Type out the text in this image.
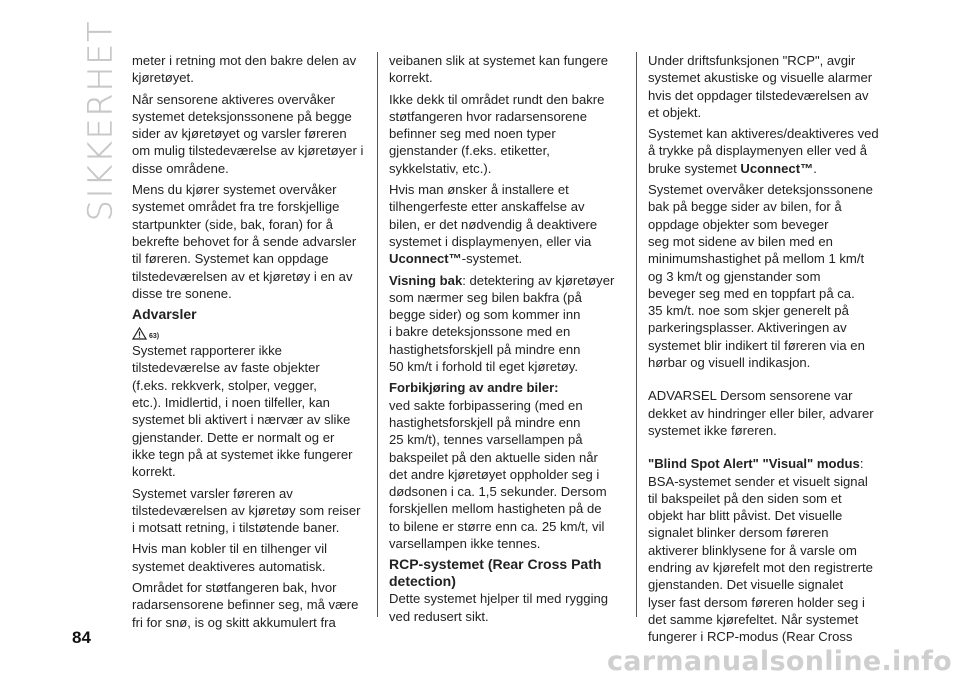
SIKKERHET meter i retning mot den bakre delen av
kjøretøyet.

Når sensorene aktiveres overvåker
systemet deteksjonssonene på begge
sider av kjøretøyet og varsler føreren
om mulig tilstedeværelse av kjøretøyer i
disse områdene.

Mens du kjører systemet overvåker
systemet området fra tre forskjellige
startpunkter (side, bak, foran) for å
bekrefte behovet for å sende advarsler
til føreren. Systemet kan oppdage
tilstedeværelsen av et kjøretøy i en av
disse tre sonene.

Advarsler
63)

Systemet rapporterer ikke
tilstedeværelse av faste objekter
(f.eks. rekkverk, stolper, vegger,
etc.). Imidlertid, i noen tilfeller, kan
systemet bli aktivert i nærvær av slike
gjenstander. Dette er normalt og er
ikke tegn på at systemet ikke fungerer
korrekt.

Systemet varsler føreren av
tilstedeværelsen av kjøretøy som reiser
i motsatt retning, i tilstøtende baner.

Hvis man kobler til en tilhenger vil
systemet deaktiveres automatisk.

Området for støtfangeren bak, hvor
radarsensorene befinner seg, må være
fri for snø, is og skitt akkumulert fra

veibanen slik at systemet kan fungere
korrekt.

Ikke dekk til området rundt den bakre
støtfangeren hvor radarsensorene
befinner seg med noen typer
gjenstander (f.eks. etiketter,
sykkelstativ, etc.).

Hvis man ønsker å installere et
tilhengerfeste etter anskaffelse av
bilen, er det nødvendig å deaktivere
systemet i displaymenyen, eller via
Uconnect™-systemet.

Visning bak: detektering av kjøretøyer
som nærmer seg bilen bakfra (på
begge sider) og som kommer inn
i bakre deteksjonssone med en
hastighetsforskjell på mindre enn
50 km/t i forhold til eget kjøretøy.

Forbikjøring av andre biler:
ved sakte forbipassering (med en
hastighetsforskjell på mindre enn
25 km/t), tennes varsellampen på
bakspeilet på den aktuelle siden når
det andre kjøretøyet oppholder seg i
dødsonen i ca. 1,5 sekunder. Dersom
forskjellen mellom hastigheten på de
to bilene er større enn ca. 25 km/t, vil
varsellampen ikke tennes.

RCP-systemet (Rear Cross Path
detection)

Dette systemet hjelper til med rygging
ved redusert sikt.

Under driftsfunksjonen "RCP", avgir
systemet akustiske og visuelle alarmer
hvis det oppdager tilstedeværelsen av
et objekt.

Systemet kan aktiveres/deaktiveres ved
å trykke på displaymenyen eller ved å
bruke systemet Uconnect™.

Systemet overvåker deteksjonssonene
bak på begge sider av bilen, for å
oppdage objekter som beveger
seg mot sidene av bilen med en
minimumshastighet på mellom 1 km/t
og 3 km/t og gjenstander som
beveger seg med en toppfart på ca.
35 km/t. noe som skjer generelt på
parkeringsplasser. Aktiveringen av
systemet blir indikert til føreren via en
hørbar og visuell indikasjon.

ADVARSEL Dersom sensorene var
dekket av hindringer eller biler, advarer
systemet ikke føreren.

"Blind Spot Alert" "Visual" modus:
BSA-systemet sender et visuelt signal
til bakspeilet på den siden som et
objekt har blitt påvist. Det visuelle
signalet blinker dersom føreren
aktiverer blinklysene for å varsle om
endring av kjørefelt mot den registrerte
gjenstanden. Det visuelle signalet
lyser fast dersom føreren holder seg i
det samme kjørefeltet. Når systemet
fungerer i RCP-modus (Rear Cross

84
carmanualsonline.info
